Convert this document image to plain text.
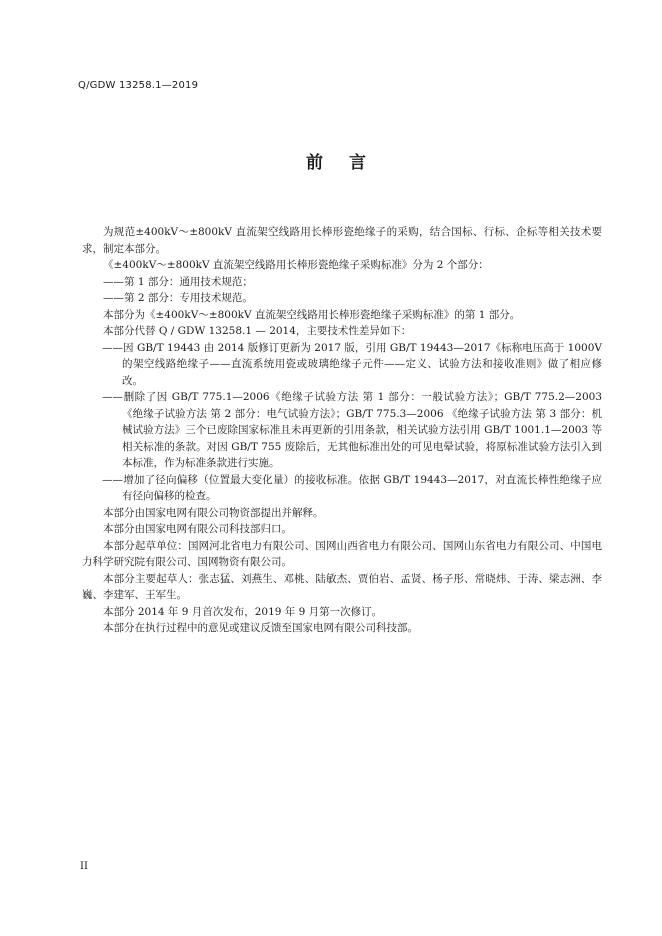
Q/GDW 13258.1—2019
前 言

为规范±400kV～±800kV 直流架空线路用长棒形瓷绝缘子的采购，结合国标、行标、企标等相关技术要求，制定本部分。

《±400kV～±800kV 直流架空线路用长棒形瓷绝缘子采购标准》分为 2 个部分：

——第 1 部分：通用技术规范；

——第 2 部分：专用技术规范。

本部分为《±400kV～±800kV 直流架空线路用长棒形瓷绝缘子采购标准》的第 1 部分。

本部分代替 Q / GDW 13258.1 — 2014，主要技术性差异如下：

——因 GB/T 19443 由 2014 版修订更新为 2017 版，引用 GB/T 19443—2017《标称电压高于 1000V 的架空线路绝缘子——直流系统用瓷或玻璃绝缘子元件——定义、试验方法和接收准则》做了相应修改。

——删除了因 GB/T 775.1—2006《绝缘子试验方法 第 1 部分：一般试验方法》；GB/T 775.2—2003 《绝缘子试验方法 第 2 部分：电气试验方法》；GB/T 775.3—2006 《绝缘子试验方法 第 3 部分：机械试验方法》三个已废除国家标准且未再更新的引用条款，相关试验方法引用 GB/T 1001.1—2003 等相关标准的条款。对因 GB/T 755 废除后，无其他标准出处的可见电晕试验，将原标准试验方法引入到本标准，作为标准条款进行实施。

——增加了径向偏移（位置最大变化量）的接收标准。依据 GB/T 19443—2017，对直流长棒性绝缘子应有径向偏移的检查。

本部分由国家电网有限公司物资部提出并解释。

本部分由国家电网有限公司科技部归口。

本部分起草单位：国网河北省电力有限公司、国网山西省电力有限公司、国网山东省电力有限公司、中国电力科学研究院有限公司、国网物资有限公司。

本部分主要起草人：张志猛、刘燕生、邓桃、陆敏杰、贾伯岩、孟贤、杨子彤、常晓炜、于涛、梁志洲、李巍、李建军、王军生。

本部分 2014 年 9 月首次发布，2019 年 9 月第一次修订。

本部分在执行过程中的意见或建议反馈至国家电网有限公司科技部。

II
